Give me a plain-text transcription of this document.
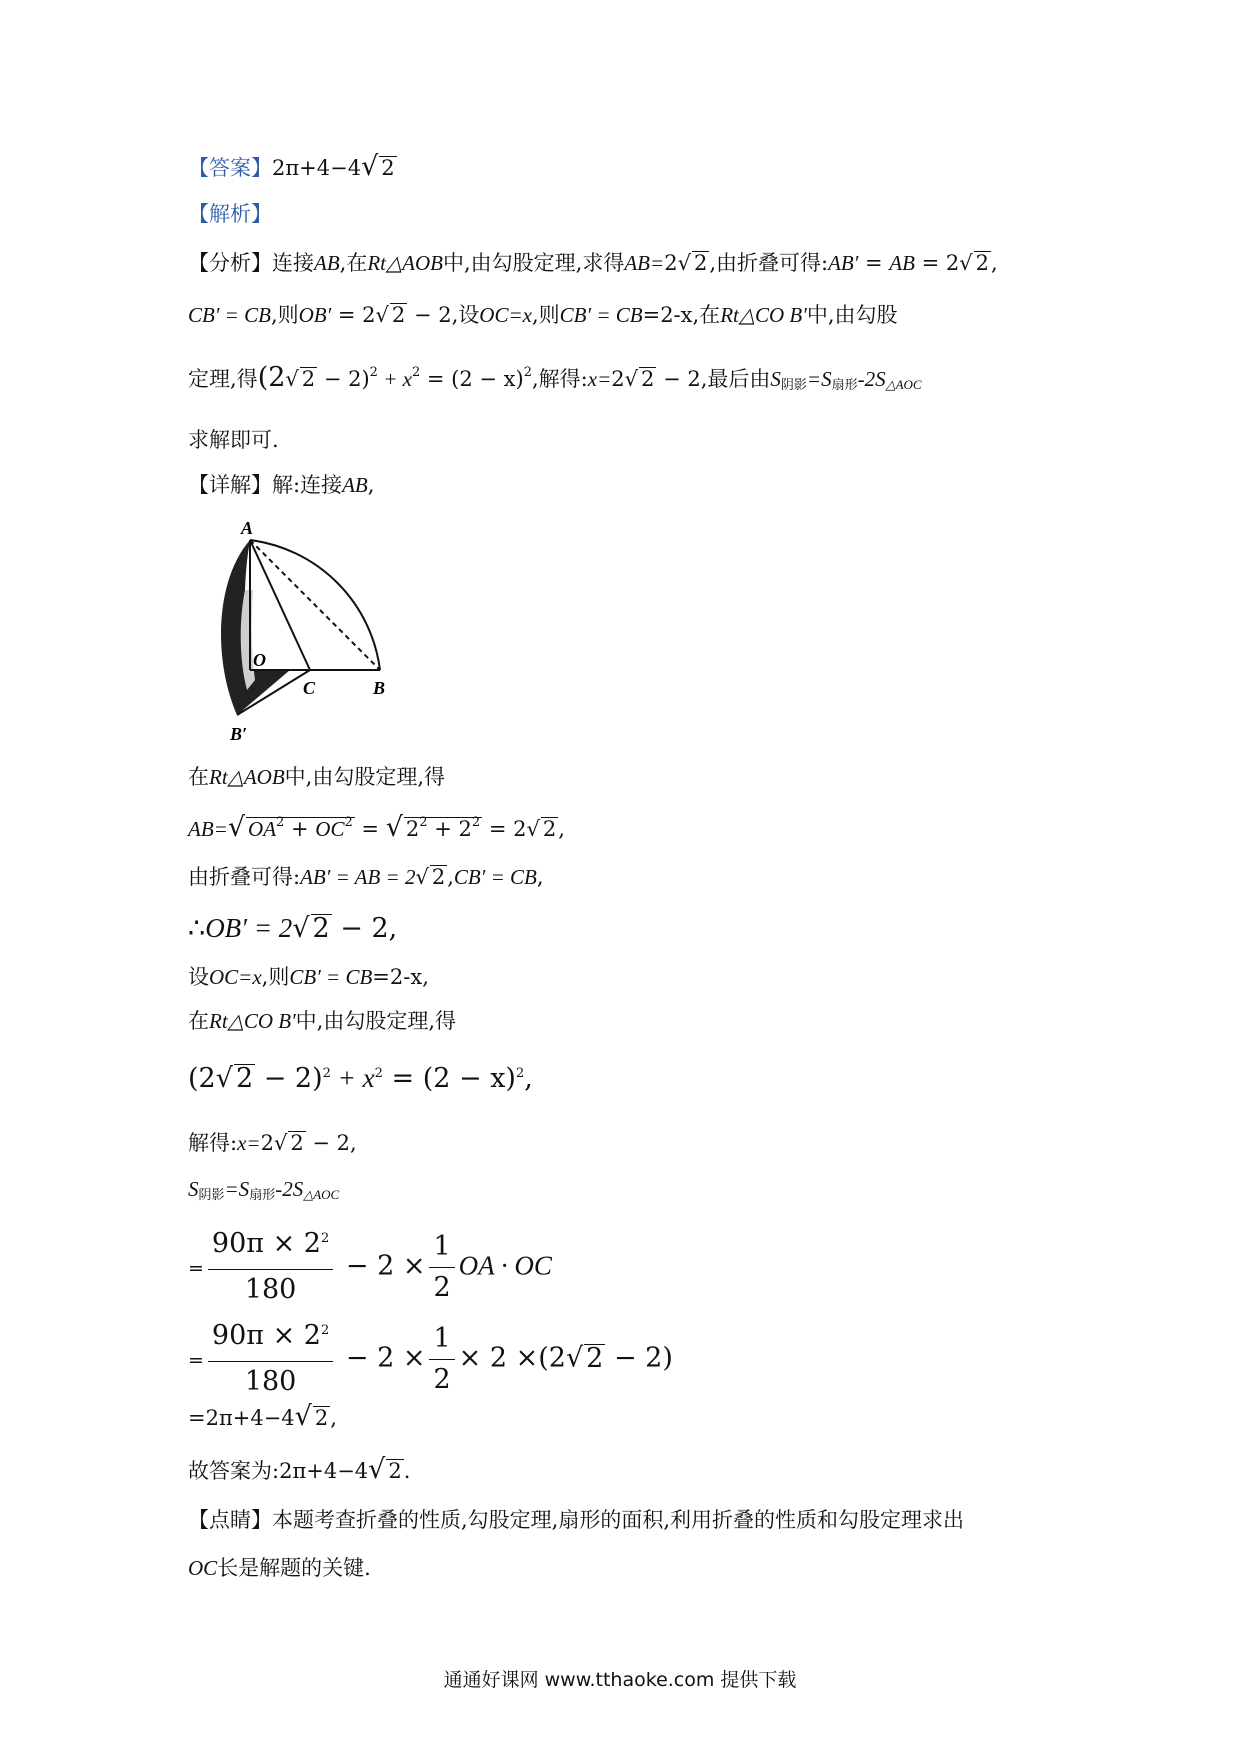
【答案】2π+4−4√ 2
【解析】
【分析】连接AB,在Rt△AOB中,由勾股定理,求得AB=2√ 2,由折叠可得:AB′ = AB = 2√ 2,
CB′ = CB,则OB′ = 2√ 2 − 2,设OC=x,则CB′ = CB=2-x,在Rt△CO B′中,由勾股
定理,得(2√ $2 - 2)^2 + x^2 = (2 - x)^2$,解得:x=2√ 2 − 2,最后由S阴影=S扇形-2S△AOC
求解即可.
【详解】解:连接AB,
A
O
C	B
B′
在Rt△AOB中,由勾股定理,得
AB=√ $OA^2 + OC^2$ = √ $2^2 + 2^2 = 2√$ 2,
由折叠可得:AB′ = AB = 2√ 2,CB′ = CB,
∴OB′ = 2√ 2 − 2,
设OC=x,则CB′ = CB=2-x,
在Rt△CO B′中,由勾股定理,得
(2√ $2 - 2)^2 + x^2 = (2 - x)^2$,
解得:x=2√ 2 − 2,
S阴影=S扇形-2S△AOC
= $\frac{90\pi \times 2^2}{180} - 2 \times \frac{1}{2}$ OA · OC
= $\frac{90\pi \times 2^2}{180} - 2 \times \frac{1}{2} \times 2 \times(2√$ 2 − 2)
=2π+4−4√ 2,
故答案为:2π+4−4√ 2.
【点睛】本题考查折叠的性质,勾股定理,扇形的面积,利用折叠的性质和勾股定理求出
OC长是解题的关键.
通通好课网 www.tthaoke.com 提供下载
